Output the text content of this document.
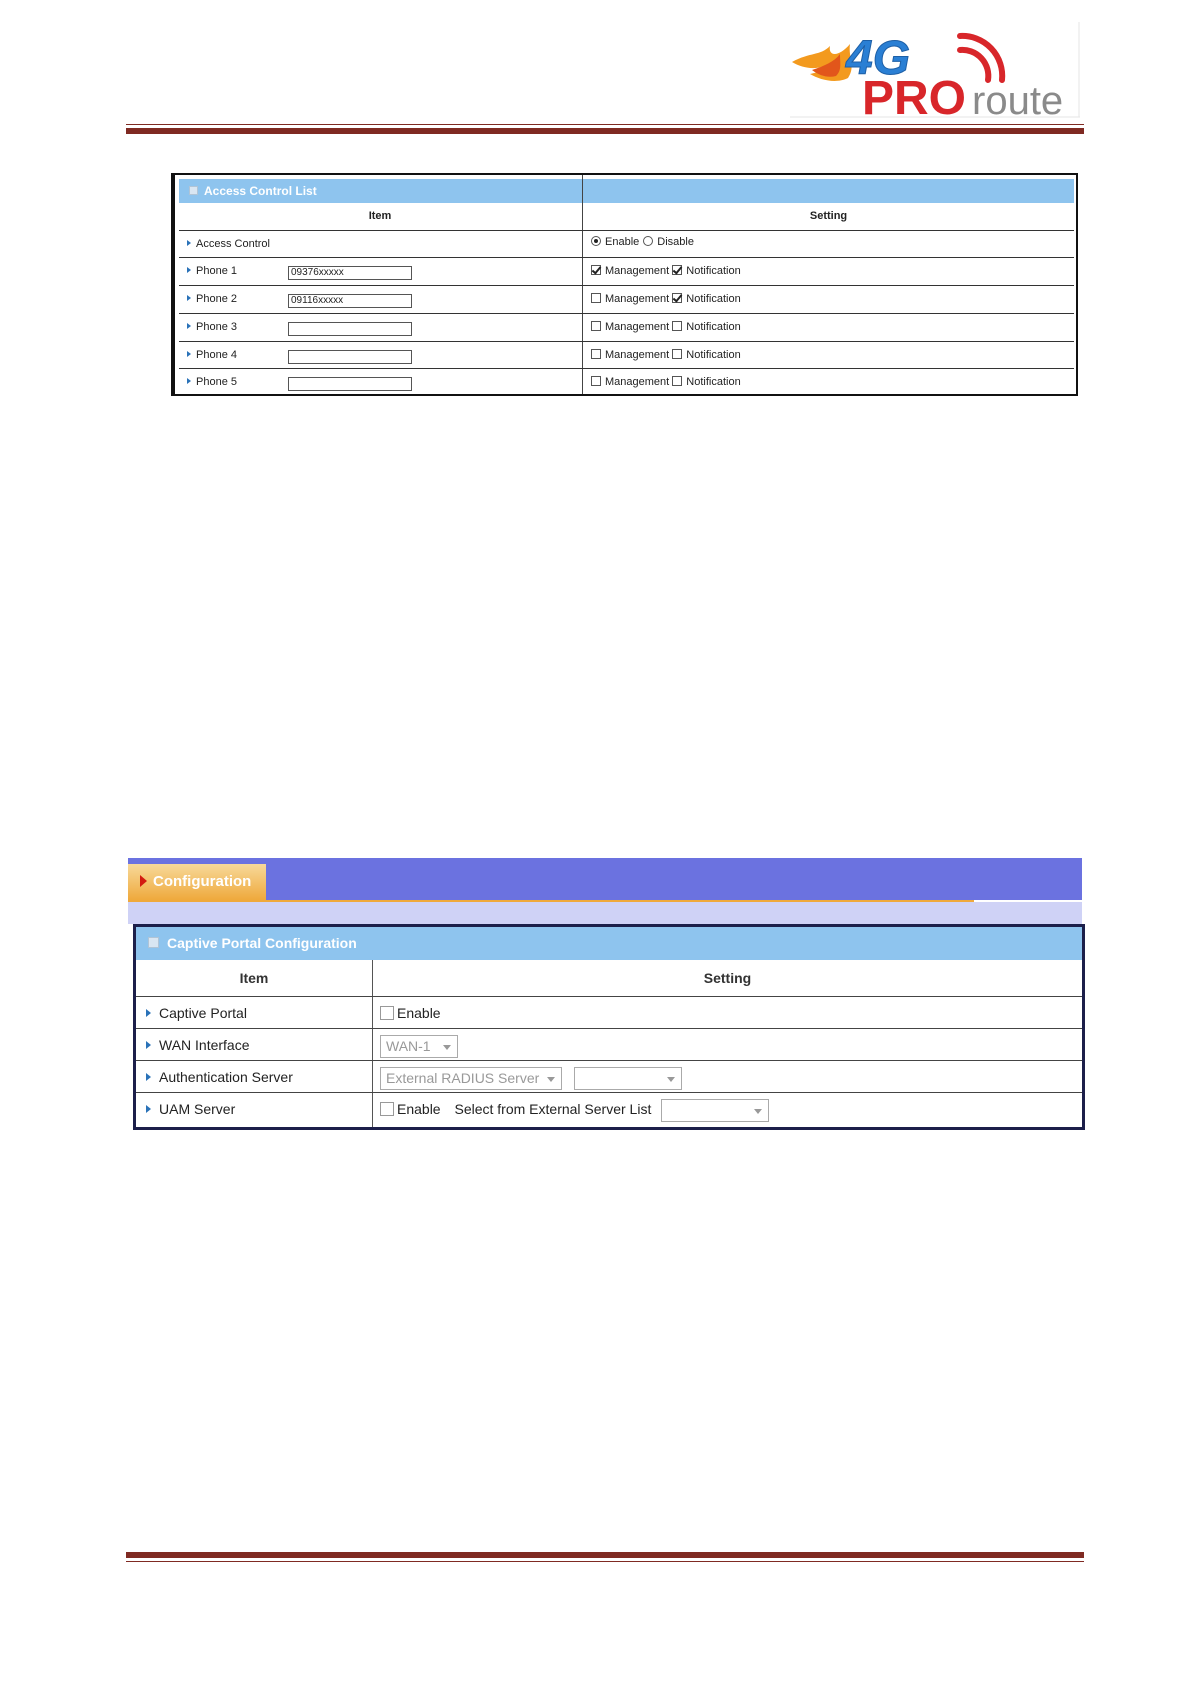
4G
PRO route
Access Control List
Item	Setting
Access Control	Enable Disable
Phone 1	09376xxxxx	Management Notification
Phone 2	09116xxxxx	Management Notification
Phone 3	Management Notification
Phone 4	Management Notification
Phone 5	Management Notification
Configuration
Captive Portal Configuration
Item	Setting
Captive Portal	Enable
WAN Interface	WAN-1
Authentication Server	External RADIUS Server

UAM Server	Enable Select from External Server List
